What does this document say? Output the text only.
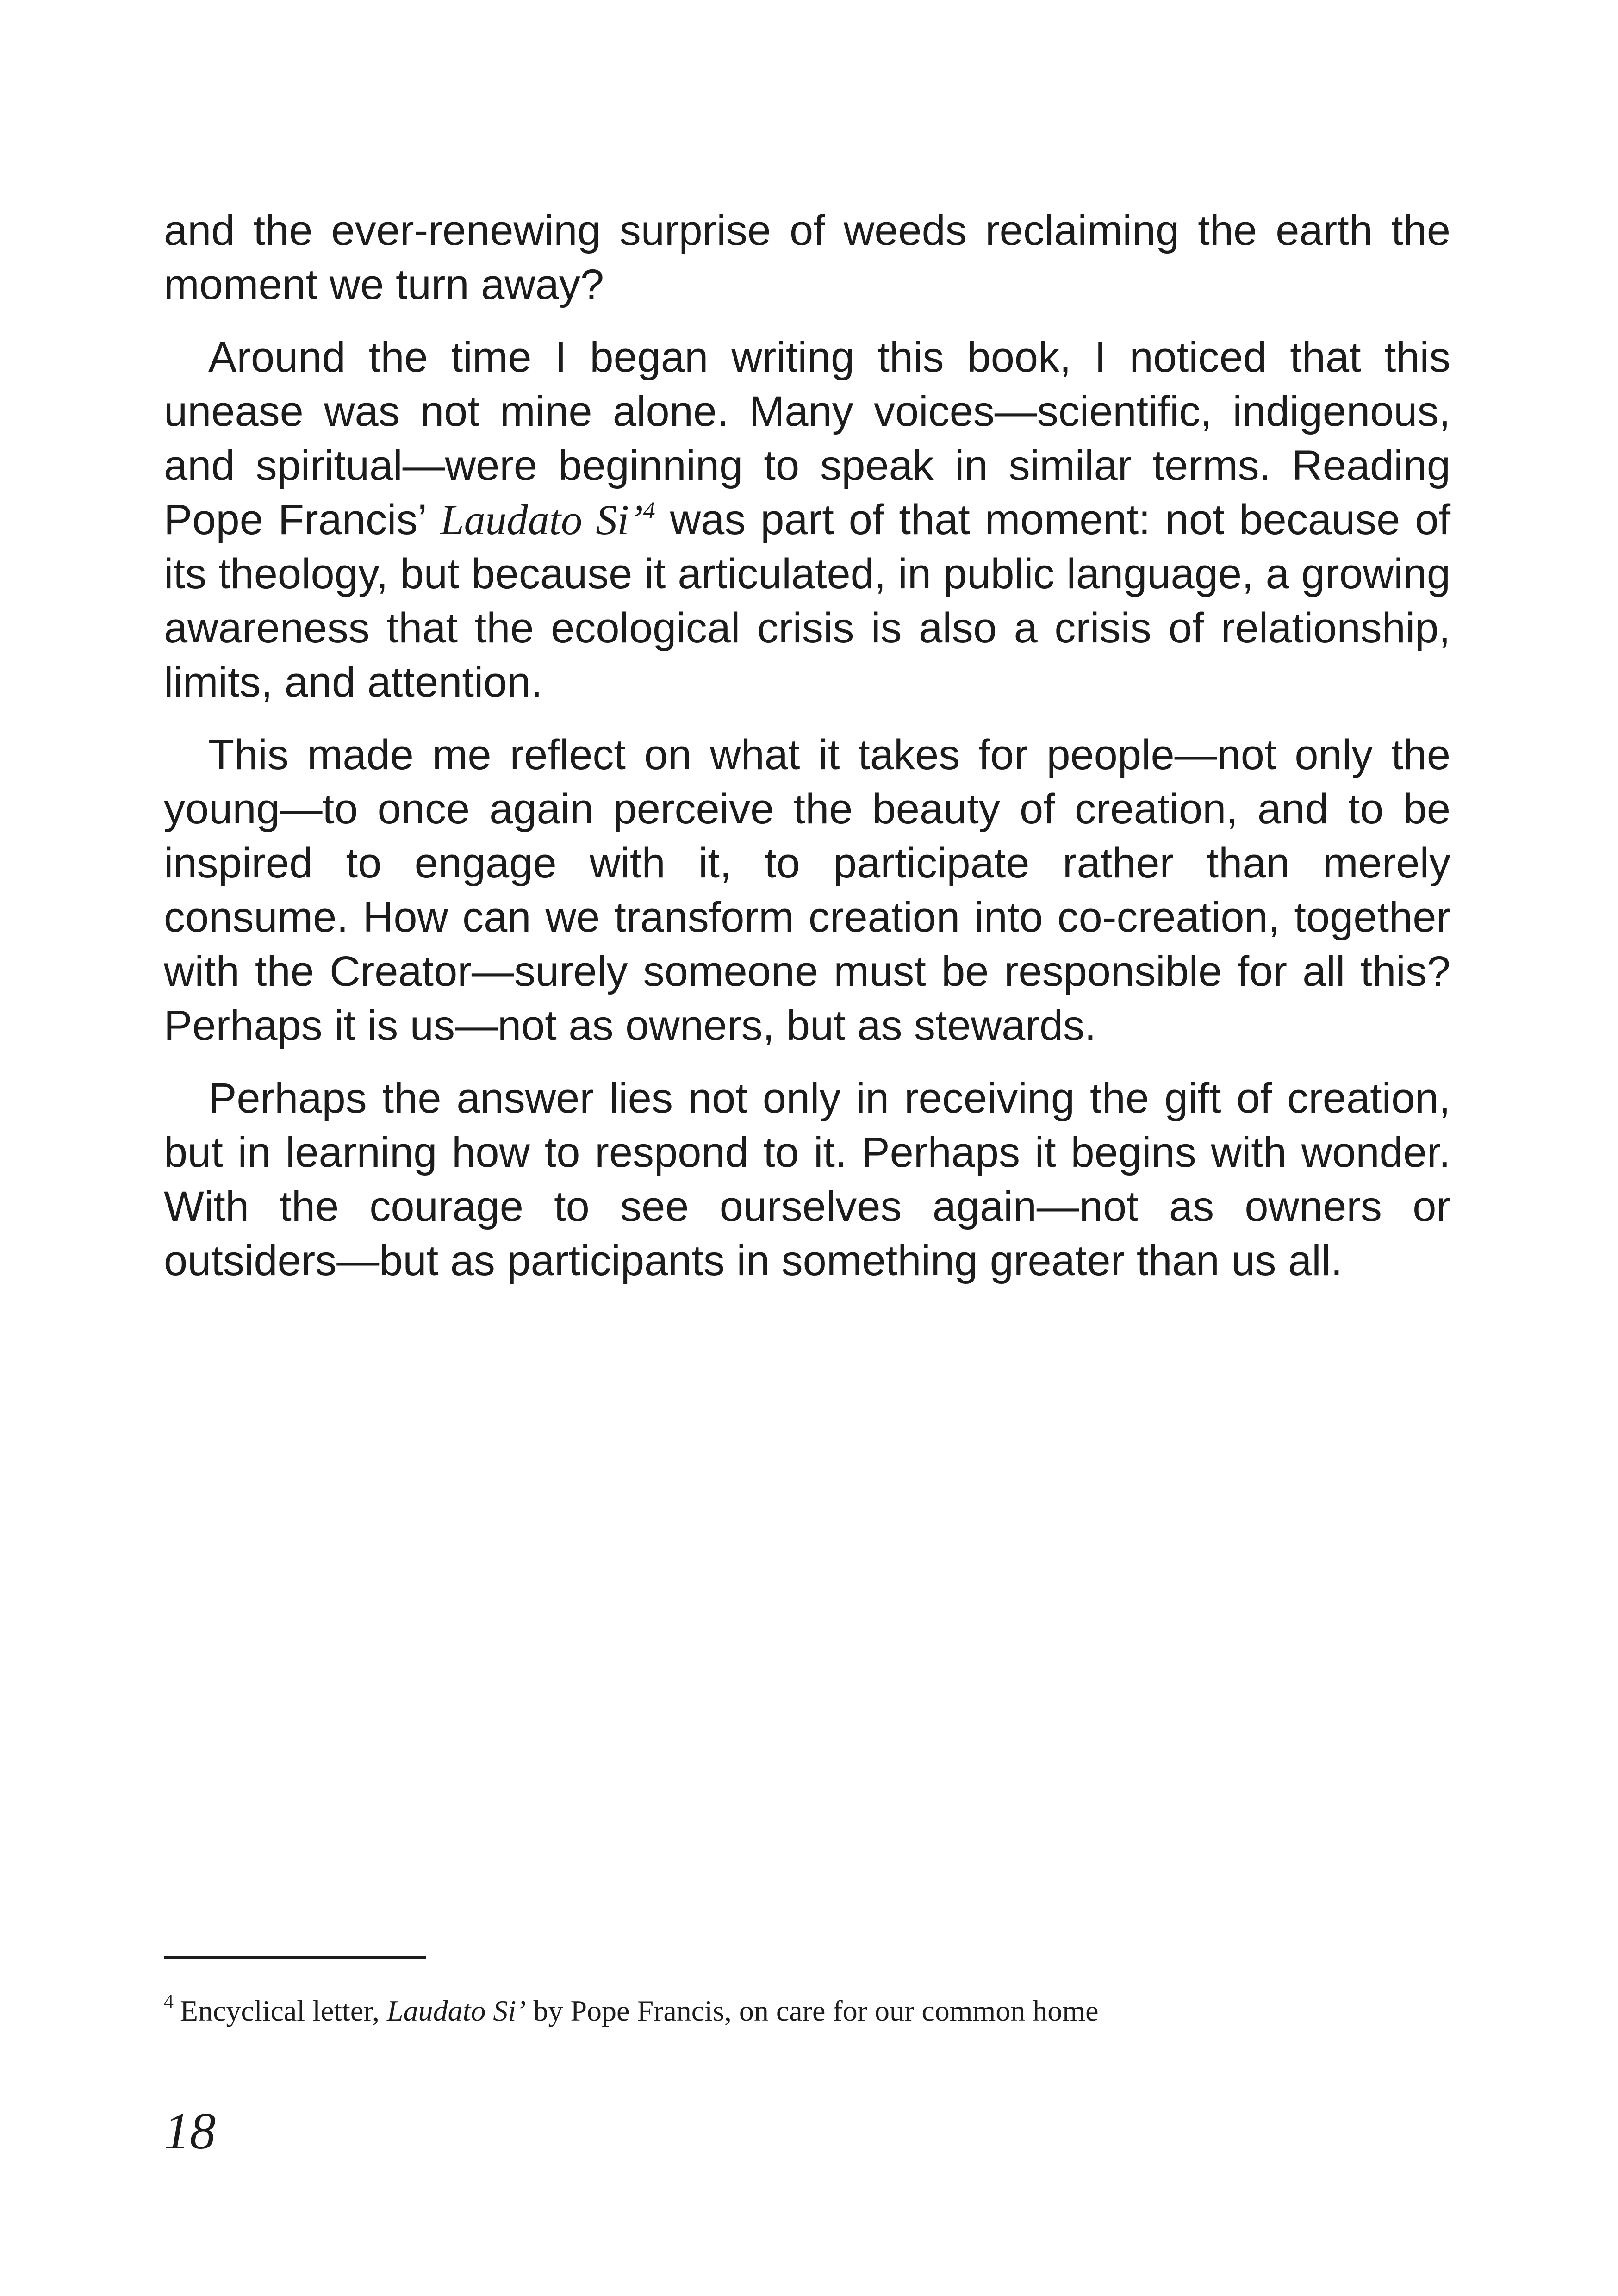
and the ever-renewing surprise of weeds reclaiming the earth the moment we turn away?

Around the time I began writing this book, I noticed that this unease was not mine alone. Many voices—scientific, indigenous, and spiritual—were beginning to speak in similar terms. Reading Pope Francis’ Laudato Si’$^4$ was part of that moment: not because of its theology, but because it articulated, in public language, a growing awareness that the ecological crisis is also a crisis of relationship, limits, and attention.

This made me reflect on what it takes for people—not only the young—to once again perceive the beauty of creation, and to be inspired to engage with it, to participate rather than merely consume. How can we transform creation into co-creation, together with the Creator—surely someone must be responsible for all this? Perhaps it is us—not as owners, but as stewards.

Perhaps the answer lies not only in receiving the gift of creation, but in learning how to respond to it. Perhaps it begins with wonder. With the courage to see ourselves again—not as owners or outsiders—but as participants in something greater than us all.

$^4$ Encyclical letter, Laudato Si’ by Pope Francis, on care for our common home
18
